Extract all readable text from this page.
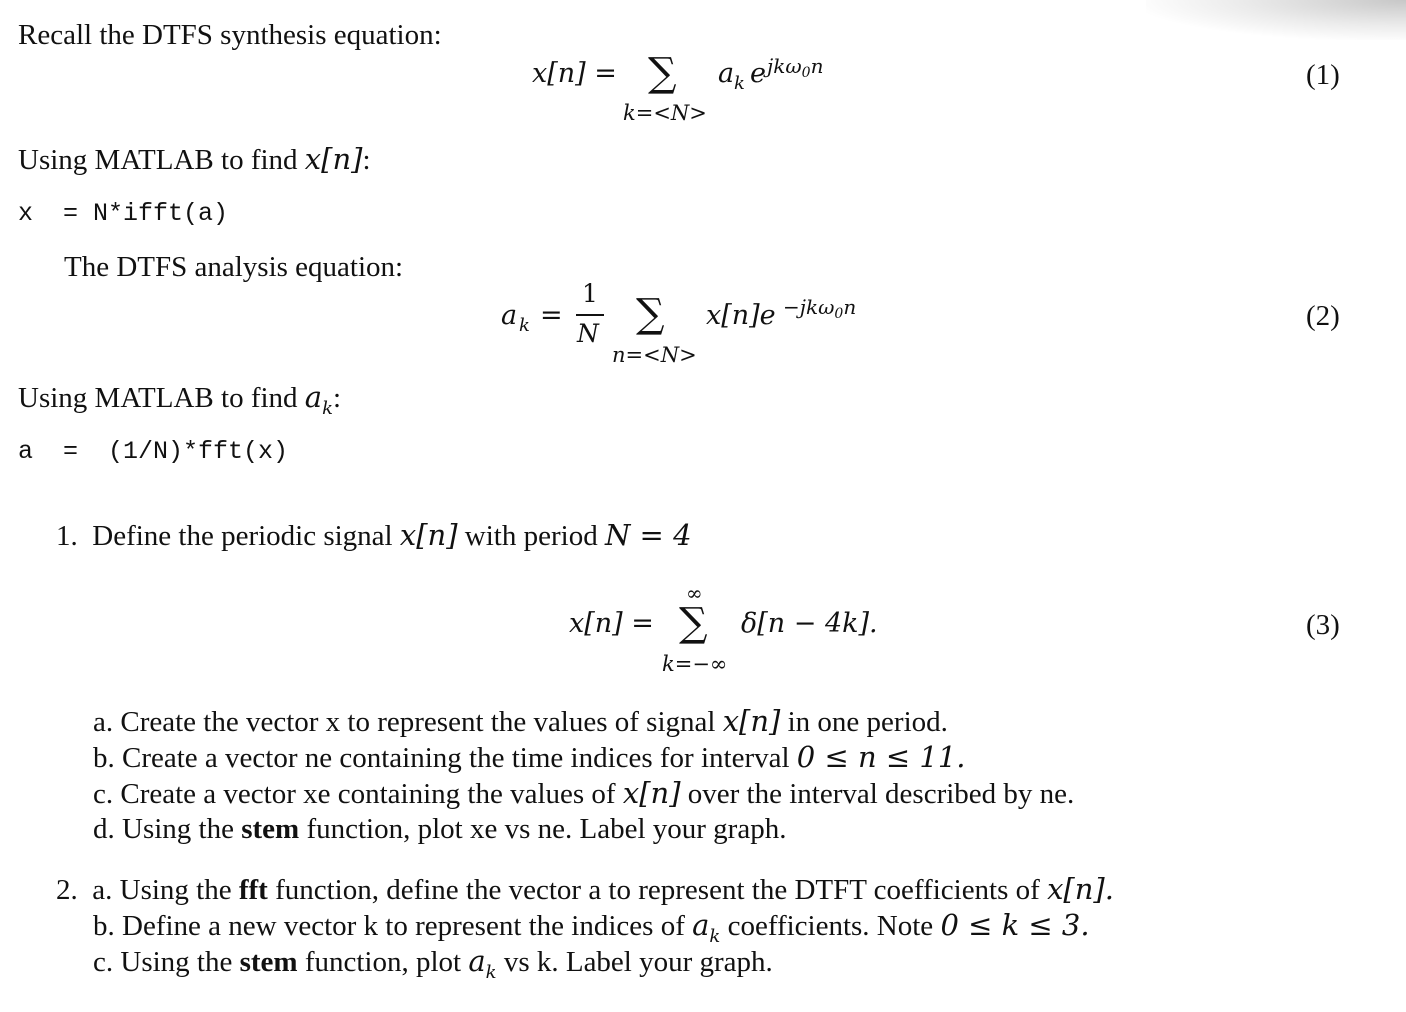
Recall the DTFS synthesis equation:
x[n] = ∑
k=<N>
a k e jkω$_0$n	(1)
Using MATLAB to find x[n]:
x  = N*ifft(a)
The DTFS analysis equation:
a k =
1
N ∑
n=<N>
x[n]e −jkω$_0$n	(2)
Using MATLAB to find $a_k$:
a  =  (1/N)*fft(x)
1. Define the periodic signal x[n] with period N = 4
∞
x[n] = ∑
k=−∞
δ[n − 4k].	(3)
a. Create the vector x to represent the values of signal x[n] in one period.
b. Create a vector ne containing the time indices for interval 0 ≤ n ≤ 11.
c. Create a vector xe containing the values of x[n] over the interval described by ne.
d. Using the stem function, plot xe vs ne. Label your graph.
2. a. Using the fft function, define the vector a to represent the DTFT coefficients of x[n].
b. Define a new vector k to represent the indices of $a_k$ coefficients. Note 0 ≤ k ≤ 3.
c. Using the stem function, plot $a_k$ vs k. Label your graph.
